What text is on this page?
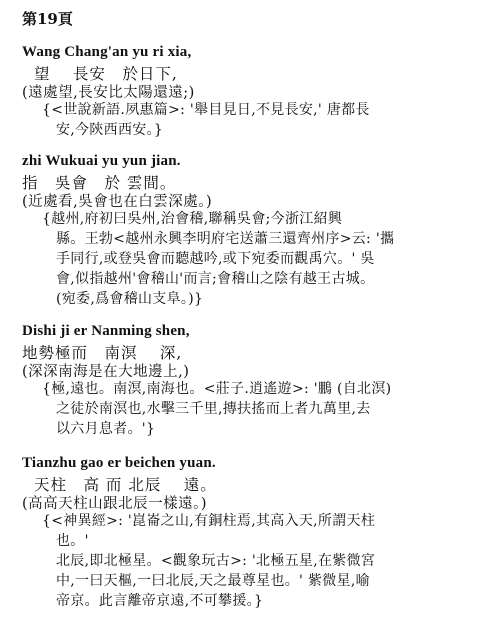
第19頁
Wang Chang'an yu ri xia,
望　 長安　於日下,
(遠處望,長安比太陽還遠;)
{<世說新語.夙惠篇>: '舉目見日,不見長安,' 唐都長
安,今陝西西安。}
zhi Wukuai yu yun jian.
指　吳會　於 雲間。
(近處看,吳會也在白雲深處。)
{越州,府初曰吳州,治會稽,聯稱吳會;今浙江紹興
縣。王勃<越州永興李明府宅送蕭三還齊州序>云: '攜
手同行,或登吳會而聽越吟,或下宛委而觀禹穴。' 吳
會,似指越州'會稽山'而言;會稽山之陰有越王古城。
(宛委,爲會稽山支阜。)}
Dishi ji er Nanming shen,
地勢極而　南溟　 深,
(深深南海是在大地邊上,)
{極,遠也。南溟,南海也。<莊子.逍遙遊>: '鵬 (自北溟)
之徒於南溟也,水擊三千里,摶扶搖而上者九萬里,去
以六月息者。'}
Tianzhu gao er beichen yuan.
天柱　高 而 北辰　 遠。
(高高天柱山跟北辰一樣遠。)
{<神異經>: '崑崙之山,有銅柱焉,其高入天,所謂天柱
也。'
北辰,即北極星。<觀象玩古>: '北極五星,在紫微宮
中,一曰天樞,一曰北辰,天之最尊星也。' 紫微星,喻
帝京。此言離帝京遠,不可攀援。}
